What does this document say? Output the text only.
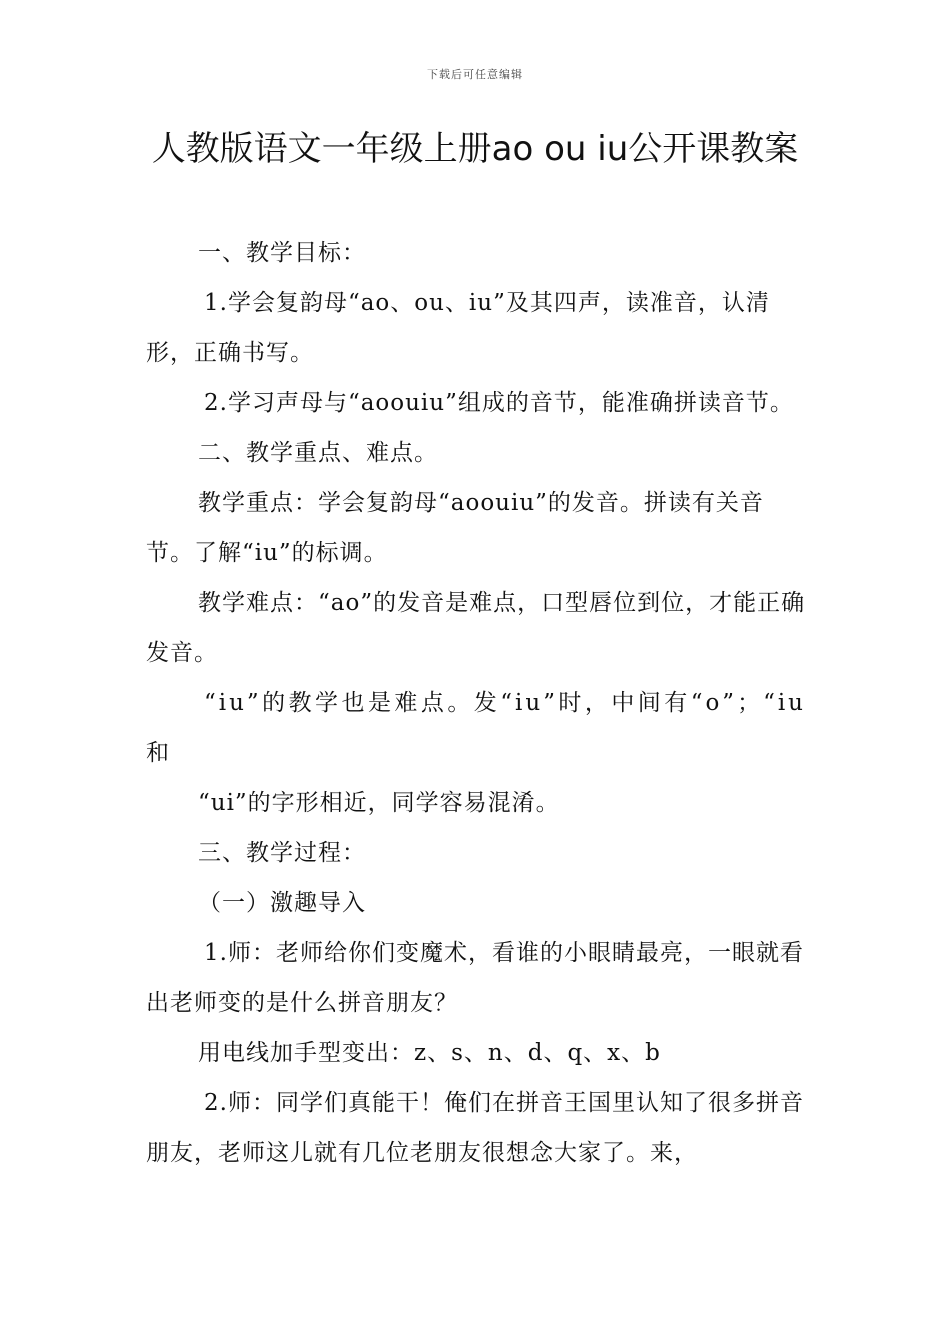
下载后可任意编辑
人教版语文一年级上册ao ou iu公开课教案

一、教学目标：

1.学会复韵母“ao、ou、iu”及其四声，读准音，认清形，正确书写。

2.学习声母与“aoouiu”组成的音节，能准确拼读音节。

二、教学重点、难点。

教学重点：学会复韵母“aoouiu”的发音。拼读有关音节。了解“iu”的标调。

教学难点：“ao”的发音是难点，口型唇位到位，才能正确发音。

“iu”的教学也是难点。发“iu”时，中间有“o”；“iu和

“ui”的字形相近，同学容易混淆。

三、教学过程：

（一）激趣导入

1.师：老师给你们变魔术，看谁的小眼睛最亮，一眼就看出老师变的是什么拼音朋友？

用电线加手型变出：z、s、n、d、q、x、b

2.师：同学们真能干！俺们在拼音王国里认知了很多拼音朋友，老师这儿就有几位老朋友很想念大家了。来，
